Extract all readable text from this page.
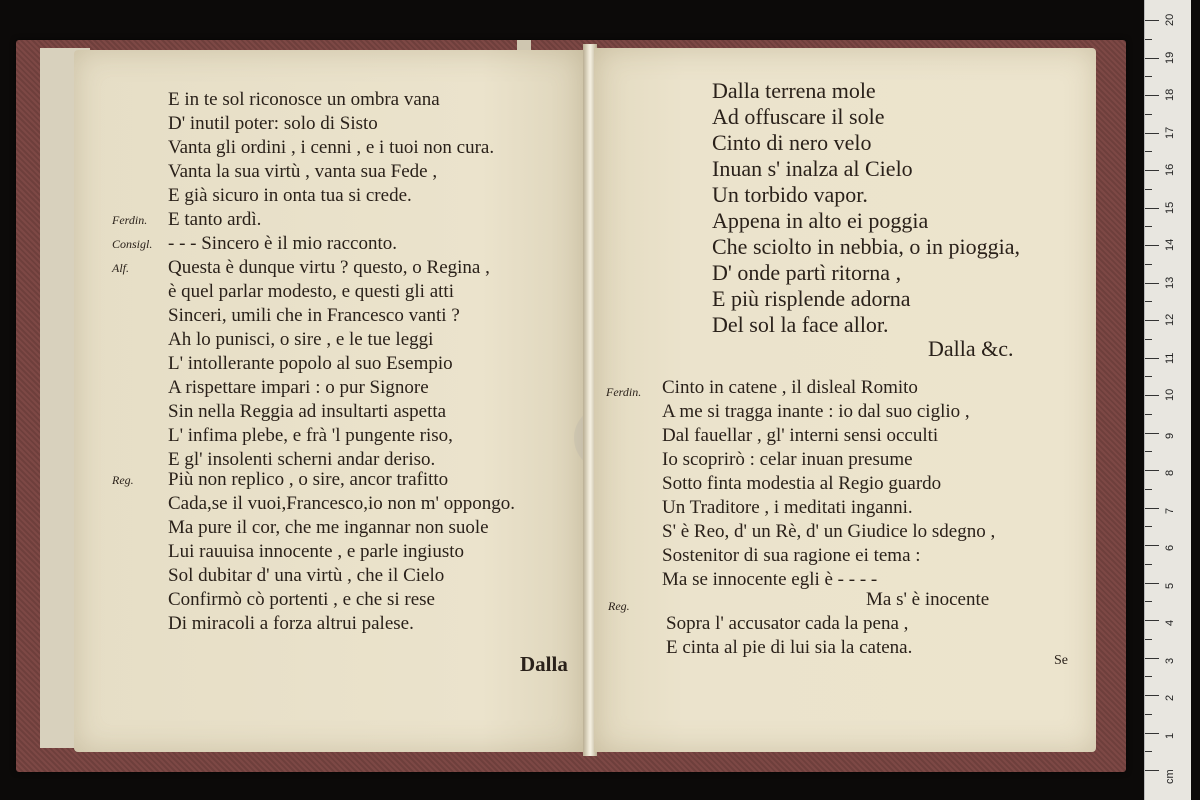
E in te sol riconosce un ombra vana
D' inutil poter: solo di Sisto
Vanta gli ordini , i cenni , e i tuoi non cura.
Vanta la sua virtù , vanta sua Fede ,
E già sicuro in onta tua si crede.
Ferdin. E tanto ardì.
Consigl. - - - Sincero è il mio racconto.
Alf. Questa è dunque virtu ? questo, o Regina ,
è quel parlar modesto, e questi gli atti
Sinceri, umili che in Francesco vanti ?
Ah lo punisci, o sire , e le tue leggi
L' intollerante popolo al suo Esempio
A rispettare impari : o pur Signore
Sin nella Reggia ad insultarti aspetta
L' infima plebe, e frà 'l pungente riso,
E gl' insolenti scherni andar deriso.
Reg. Più non replico , o sire, ancor trafitto
Cada,se il vuoi,Francesco,io non m' oppongo.
Ma pure il cor, che me ingannar non suole
Lui rauuisa innocente , e parle ingiusto
Sol dubitar d' una virtù , che il Cielo
Confirmò cò portenti , e che si rese
Di miracoli a forza altrui palese.
Dalla
Dalla terrena mole
Ad offuscare il sole
Cinto di nero velo
Inuan s' inalza al Cielo
Un torbido vapor.
Appena in alto ei poggia
Che sciolto in nebbia, o in pioggia,
D' onde partì ritorna ,
E più risplende adorna
Del sol la face allor.
Dalla &c.
Ferdin. Cinto in catene , il disleal Romito
A me si tragga inante : io dal suo ciglio ,
Dal fauellar , gl' interni sensi occulti
Io scoprirò : celar inuan presume
Sotto finta modestia al Regio guardo
Un Traditore , i meditati inganni.
S' è Reo, d' un Rè, d' un Giudice lo sdegno ,
Sostenitor di sua ragione ei tema :
Ma se innocente egli è - - - -
Reg.	Ma s' è inocente
Sopra l' accusator cada la pena ,
E cinta al pie di lui sia la catena.
Se
cm
1
2
3
4
5
6
7
8
9
10
11
12
13
14
15
16
17
18
19
20
